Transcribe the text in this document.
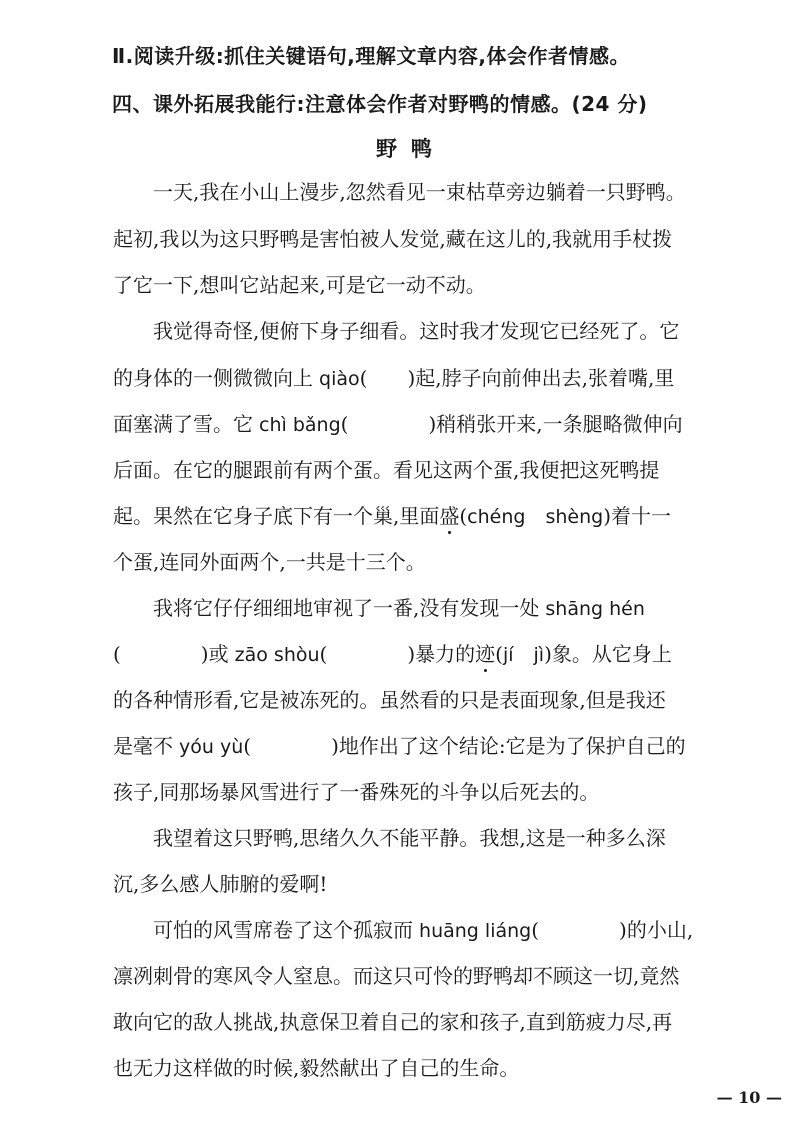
Ⅱ.阅读升级:抓住关键语句,理解文章内容,体会作者情感。
四、课外拓展我能行:注意体会作者对野鸭的情感。(24 分)
野鸭
　　一天,我在小山上漫步,忽然看见一束枯草旁边躺着一只野鸭。
起初,我以为这只野鸭是害怕被人发觉,藏在这儿的,我就用手杖拨
了它一下,想叫它站起来,可是它一动不动。
　　我觉得奇怪,便俯下身子细看。这时我才发现它已经死了。它
的身体的一侧微微向上 qiào(　　)起,脖子向前伸出去,张着嘴,里
面塞满了雪。它 chì bǎng(　　　　)稍稍张开来,一条腿略微伸向
后面。在它的腿跟前有两个蛋。看见这两个蛋,我便把这死鸭提
起。果然在它身子底下有一个巢,里面盛(chéng　 shèng)着十一
个蛋,连同外面两个,一共是十三个。
　　我将它仔仔细细地审视了一番,没有发现一处 shāng hén
(　　　　)或 zāo shòu(　　　　)暴力的迹(jí　 jì)象。从它身上
的各种情形看,它是被冻死的。虽然看的只是表面现象,但是我还
是毫不 yóu yù(　　　　)地作出了这个结论:它是为了保护自己的
孩子,同那场暴风雪进行了一番殊死的斗争以后死去的。
　　我望着这只野鸭,思绪久久不能平静。我想,这是一种多么深
沉,多么感人肺腑的爱啊!
　　可怕的风雪席卷了这个孤寂而 huāng liáng(　　　　)的小山,
凛冽刺骨的寒风令人窒息。而这只可怜的野鸭却不顾这一切,竟然
敢向它的敌人挑战,执意保卫着自己的家和孩子,直到筋疲力尽,再
也无力这样做的时候,毅然献出了自己的生命。
— 10 —
